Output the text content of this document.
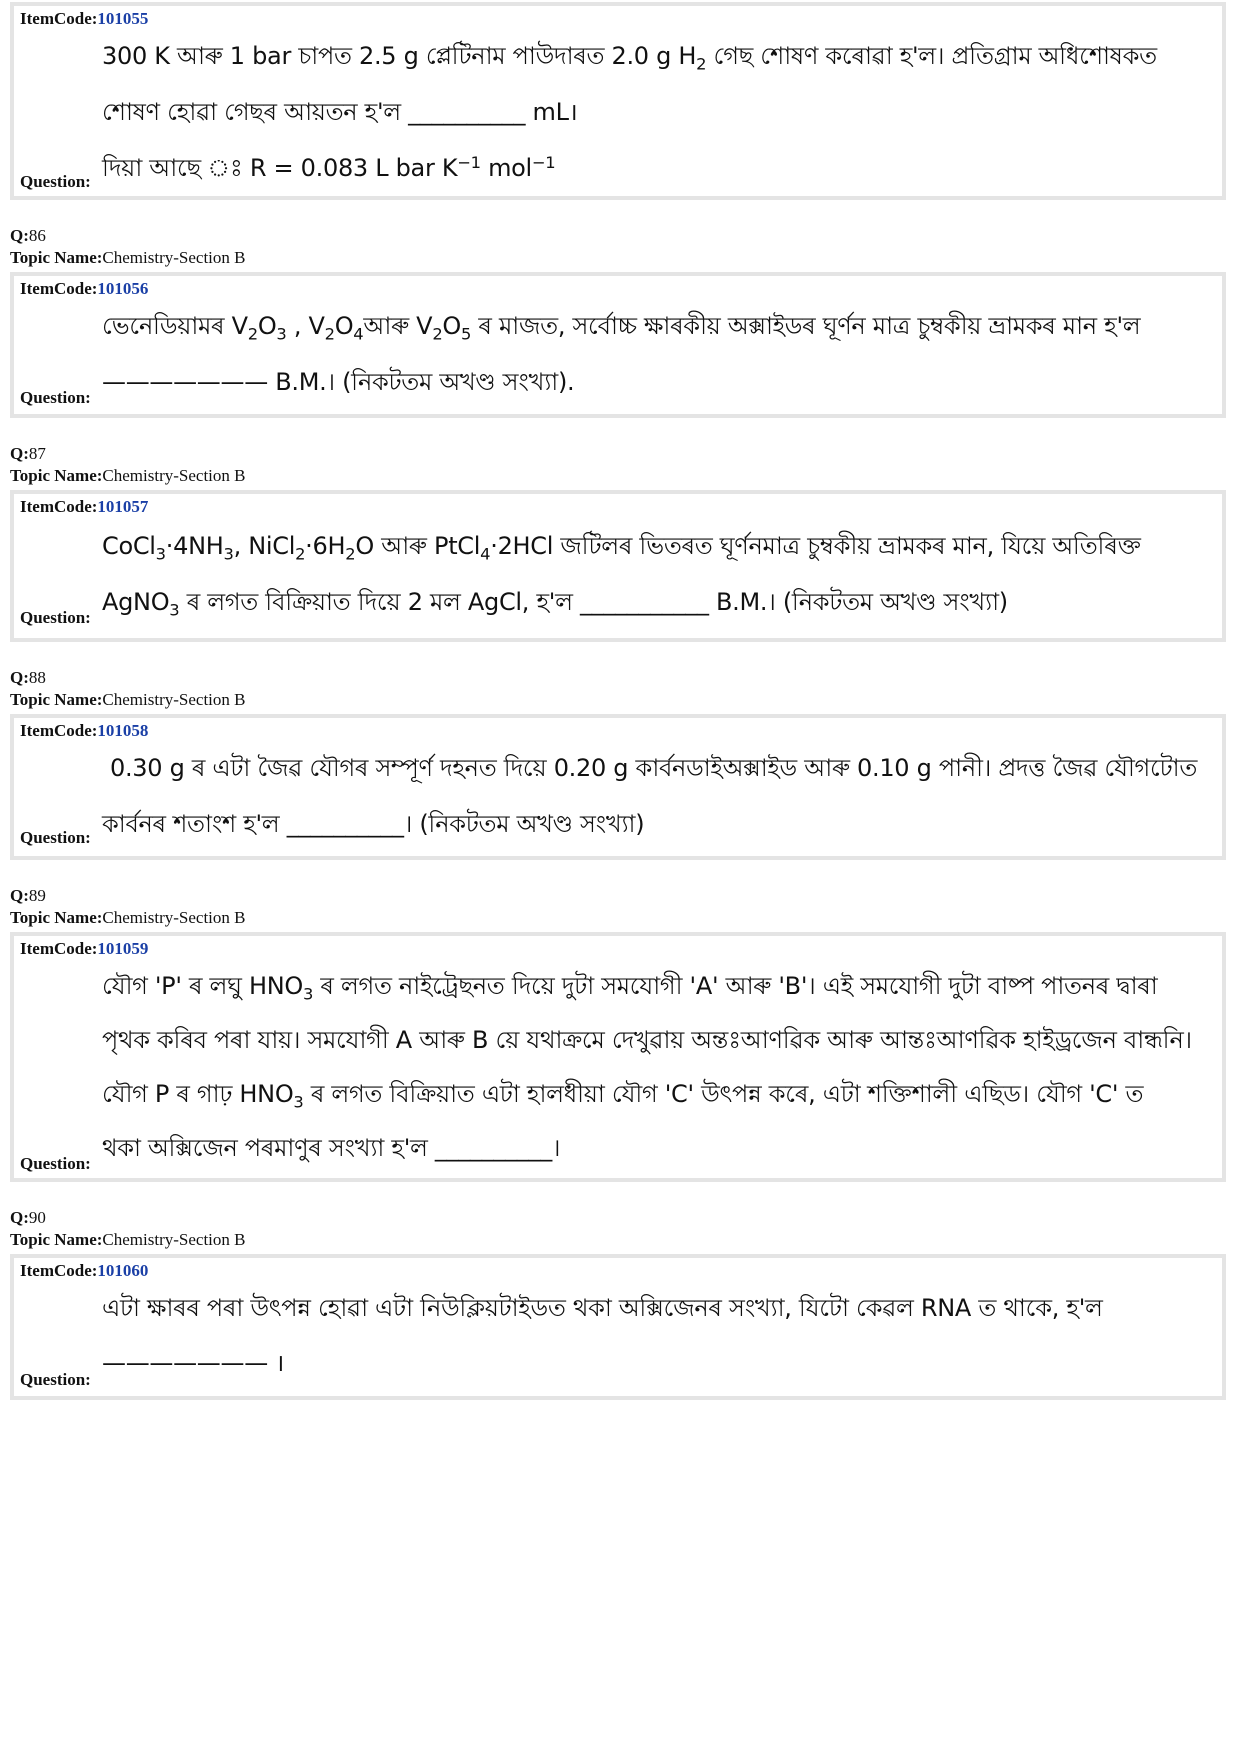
ItemCode:101055
300 K আৰু 1 bar চাপত 2.5 g প্লেটিনাম পাউদাৰত 2.0 g $H_2$ গেছ শোষণ কৰোৱা হ'ল। প্ৰতিগ্ৰাম অধিশোষকত
শোষণ হোৱা গেছৰ আয়তন হ'ল __________ mL।
দিয়া আছে ঃ R = 0.083 L bar $K^{-1}$ mol$^{-1}$
Question:
Q:86
Topic Name:Chemistry-Section B
ItemCode:101056
ভেনেডিয়ামৰ $V_2O_3$ , $V_2O_4আৰু$ $V_2O_5$ ৰ মাজত, সৰ্বোচ্চ ক্ষাৰকীয় অক্সাইডৰ ঘূৰ্ণন মাত্ৰ চুম্বকীয় ভ্ৰামকৰ মান হ'ল
——————— B.M.। (নিকটতম অখণ্ড সংখ্যা).
Question:
Q:87
Topic Name:Chemistry-Section B
ItemCode:101057
$CoCl_3\cdot 4NH_3$, $NiCl_2\cdot 6H_2O$ আৰু PtCl$_4$·2HCl জটিলৰ ভিতৰত ঘূৰ্ণনমাত্ৰ চুম্বকীয় ভ্ৰামকৰ মান, যিয়ে অতিৰিক্ত
AgNO$_3$ ৰ লগত বিক্ৰিয়াত দিয়ে 2 মল AgCl, হ'ল ___________ B.M.। (নিকটতম অখণ্ড সংখ্যা)
Question:
Q:88
Topic Name:Chemistry-Section B
ItemCode:101058
0.30 g ৰ এটা জৈৱ যৌগৰ সম্পূৰ্ণ দহনত দিয়ে 0.20 g কাৰ্বনডাইঅক্সাইড আৰু 0.10 g পানী। প্ৰদত্ত জৈৱ যৌগটোত
কাৰ্বনৰ শতাংশ হ'ল __________। (নিকটতম অখণ্ড সংখ্যা)
Question:
Q:89
Topic Name:Chemistry-Section B
ItemCode:101059
যৌগ 'P' ৰ লঘু $HNO_3$ ৰ লগত নাইট্ৰেছনত দিয়ে দুটা সমযোগী 'A' আৰু 'B'। এই সমযোগী দুটা বাষ্প পাতনৰ দ্বাৰা
পৃথক কৰিব পৰা যায়। সমযোগী A আৰু B য়ে যথাক্ৰমে দেখুৱায় অন্তঃআণৱিক আৰু আন্তঃআণৱিক হাইড্ৰজেন বান্ধনি।
যৌগ P ৰ গাঢ় $HNO_3$ ৰ লগত বিক্ৰিয়াত এটা হালধীয়া যৌগ 'C' উৎপন্ন কৰে, এটা শক্তিশালী এছিড। যৌগ 'C' ত
থকা অক্সিজেন পৰমাণুৰ সংখ্যা হ'ল __________।
Question:
Q:90
Topic Name:Chemistry-Section B
ItemCode:101060
এটা ক্ষাৰৰ পৰা উৎপন্ন হোৱা এটা নিউক্লিয়টাইডত থকা অক্সিজেনৰ সংখ্যা, যিটো কেৱল RNA ত থাকে, হ'ল
——————— ।
Question:
